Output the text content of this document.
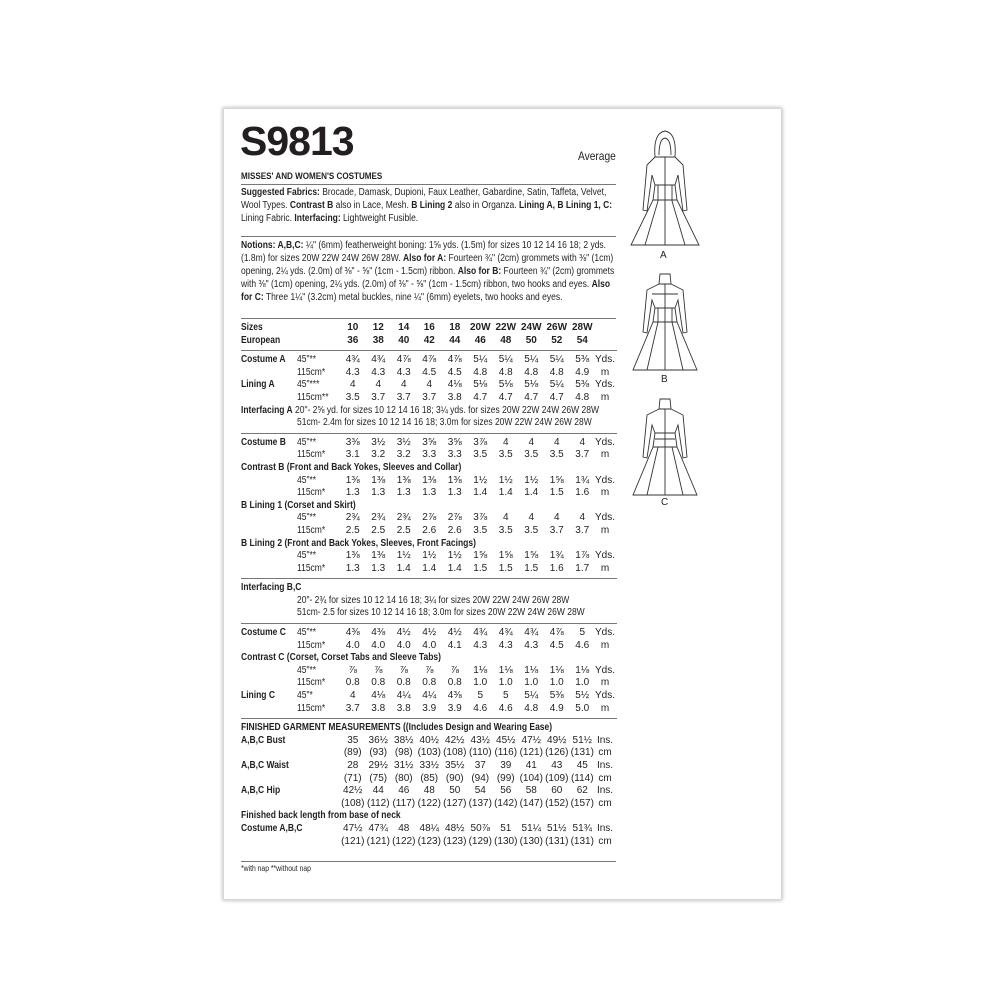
S9813	Average
MISSES' AND WOMEN'S COSTUMES
Suggested Fabrics: Brocade, Damask, Dupioni, Faux Leather, Gabardine, Satin, Taffeta, Velvet, Wool Types. Contrast B also in Lace, Mesh. B Lining 2 also in Organza. Lining A, B Lining 1, C: Lining Fabric. Interfacing: Lightweight Fusible.
Notions: A,B,C: ¼" (6mm) featherweight boning: 1⅝ yds. (1.5m) for sizes 10 12 14 16 18; 2 yds. (1.8m) for sizes 20W 22W 24W 26W 28W. Also for A: Fourteen ¾" (2cm) grommets with ⅜" (1cm) opening, 2¼ yds. (2.0m) of ⅜" - ⅝" (1cm - 1.5cm) ribbon. Also for B: Fourteen ¾" (2cm) grommets with ⅜" (1cm) opening, 2¼ yds. (2.0m) of ⅜" - ⅝" (1cm - 1.5cm) ribbon, two hooks and eyes. Also for C: Three 1¼" (3.2cm) metal buckles, nine ¼" (6mm) eyelets, two hooks and eyes.
Sizes	10	12	14	16	18 20W 22W 24W 26W 28W
European	36	38	40	42	44	46	48	50	52	54
Costume A 45"**	4¾	4¾	4⅞	4⅞	4⅞	5¼	5¼	5¼	5¼	5⅜ Yds.
115cm*	4.3	4.3	4.3	4.5	4.5	4.8	4.8	4.8	4.8	4.9	m
Lining A 45"***	4	4	4	4	4⅛	5⅛	5⅛	5⅛	5¼	5⅜ Yds.
115cm**	3.5	3.7	3.7	3.7	3.8	4.7	4.7	4.7	4.7	4.8	m
Interfacing A 20"- 2⅝ yd. for sizes 10 12 14 16 18; 3¼ yds. for sizes 20W 22W 24W 26W 28W
51cm- 2.4m for sizes 10 12 14 16 18; 3.0m for sizes 20W 22W 24W 26W 28W
Costume B 45"**	3⅜	3½	3½	3⅝	3⅝	3⅞	4	4	4	4 Yds.
115cm*	3.1	3.2	3.2	3.3	3.3	3.5	3.5	3.5	3.5	3.7	m
Contrast B (Front and Back Yokes, Sleeves and Collar)
45"**	1⅜	1⅜	1⅜	1⅜	1⅜	1½	1½	1½	1⅝	1¾ Yds.
115cm*	1.3	1.3	1.3	1.3	1.3	1.4	1.4	1.4	1.5	1.6	m
B Lining 1 (Corset and Skirt)
45"**	2¾	2¾	2¾	2⅞	2⅞	3⅞	4	4	4	4 Yds.
115cm*	2.5	2.5	2.5	2.6	2.6	3.5	3.5	3.5	3.7	3.7	m
B Lining 2 (Front and Back Yokes, Sleeves, Front Facings)
45"**	1⅜	1⅜	1½	1½	1½	1⅝	1⅝	1⅝	1¾	1⅞ Yds.
115cm*	1.3	1.3	1.4	1.4	1.4	1.5	1.5	1.5	1.6	1.7	m
Interfacing B,C
20"- 2¾ for sizes 10 12 14 16 18; 3¼ for sizes 20W 22W 24W 26W 28W
51cm- 2.5 for sizes 10 12 14 16 18; 3.0m for sizes 20W 22W 24W 26W 28W
Costume C 45"**	4⅜	4⅜	4½	4½	4½	4¾	4¾	4¾	4⅞	5 Yds.
115cm*	4.0	4.0	4.0	4.0	4.1	4.3	4.3	4.3	4.5	4.6	m
Contrast C (Corset, Corset Tabs and Sleeve Tabs)
45"**	⅞	⅞	⅞	⅞	⅞	1⅛	1⅛	1⅛	1⅛	1⅛ Yds.
115cm*	0.8	0.8	0.8	0.8	0.8	1.0	1.0	1.0	1.0	1.0	m
Lining C 45"*	4	4⅛	4¼	4¼	4⅜	5	5	5¼	5⅜	5½ Yds.
115cm*	3.7	3.8	3.8	3.9	3.9	4.6	4.6	4.8	4.9	5.0	m
FINISHED GARMENT MEASUREMENTS ((Includes Design and Wearing Ease)
A,B,C Bust	35	36½ 38½ 40½ 42½ 43½ 45½ 47½ 49½ 51½ Ins.
(89) (93) (98) (103) (108) (110) (116) (121) (126) (131) cm
A,B,C Waist	28	29½ 31½ 33½ 35½	37	39	41	43	45 Ins.
(71) (75) (80) (85) (90) (94) (99) (104) (109) (114) cm
A,B,C Hip	42½	44	46	48	50	54	56	58	60	62 Ins.
(108) (112) (117) (122) (127) (137) (142) (147) (152) (157) cm
Finished back length from base of neck
Costume A,B,C	47½ 47¾	48	48¼ 48½ 50⅞	51	51¼ 51½ 51¾ Ins.
(121) (121) (122) (123) (123) (129) (130) (130) (131) (131) cm
*with nap **without nap
A
B
C
